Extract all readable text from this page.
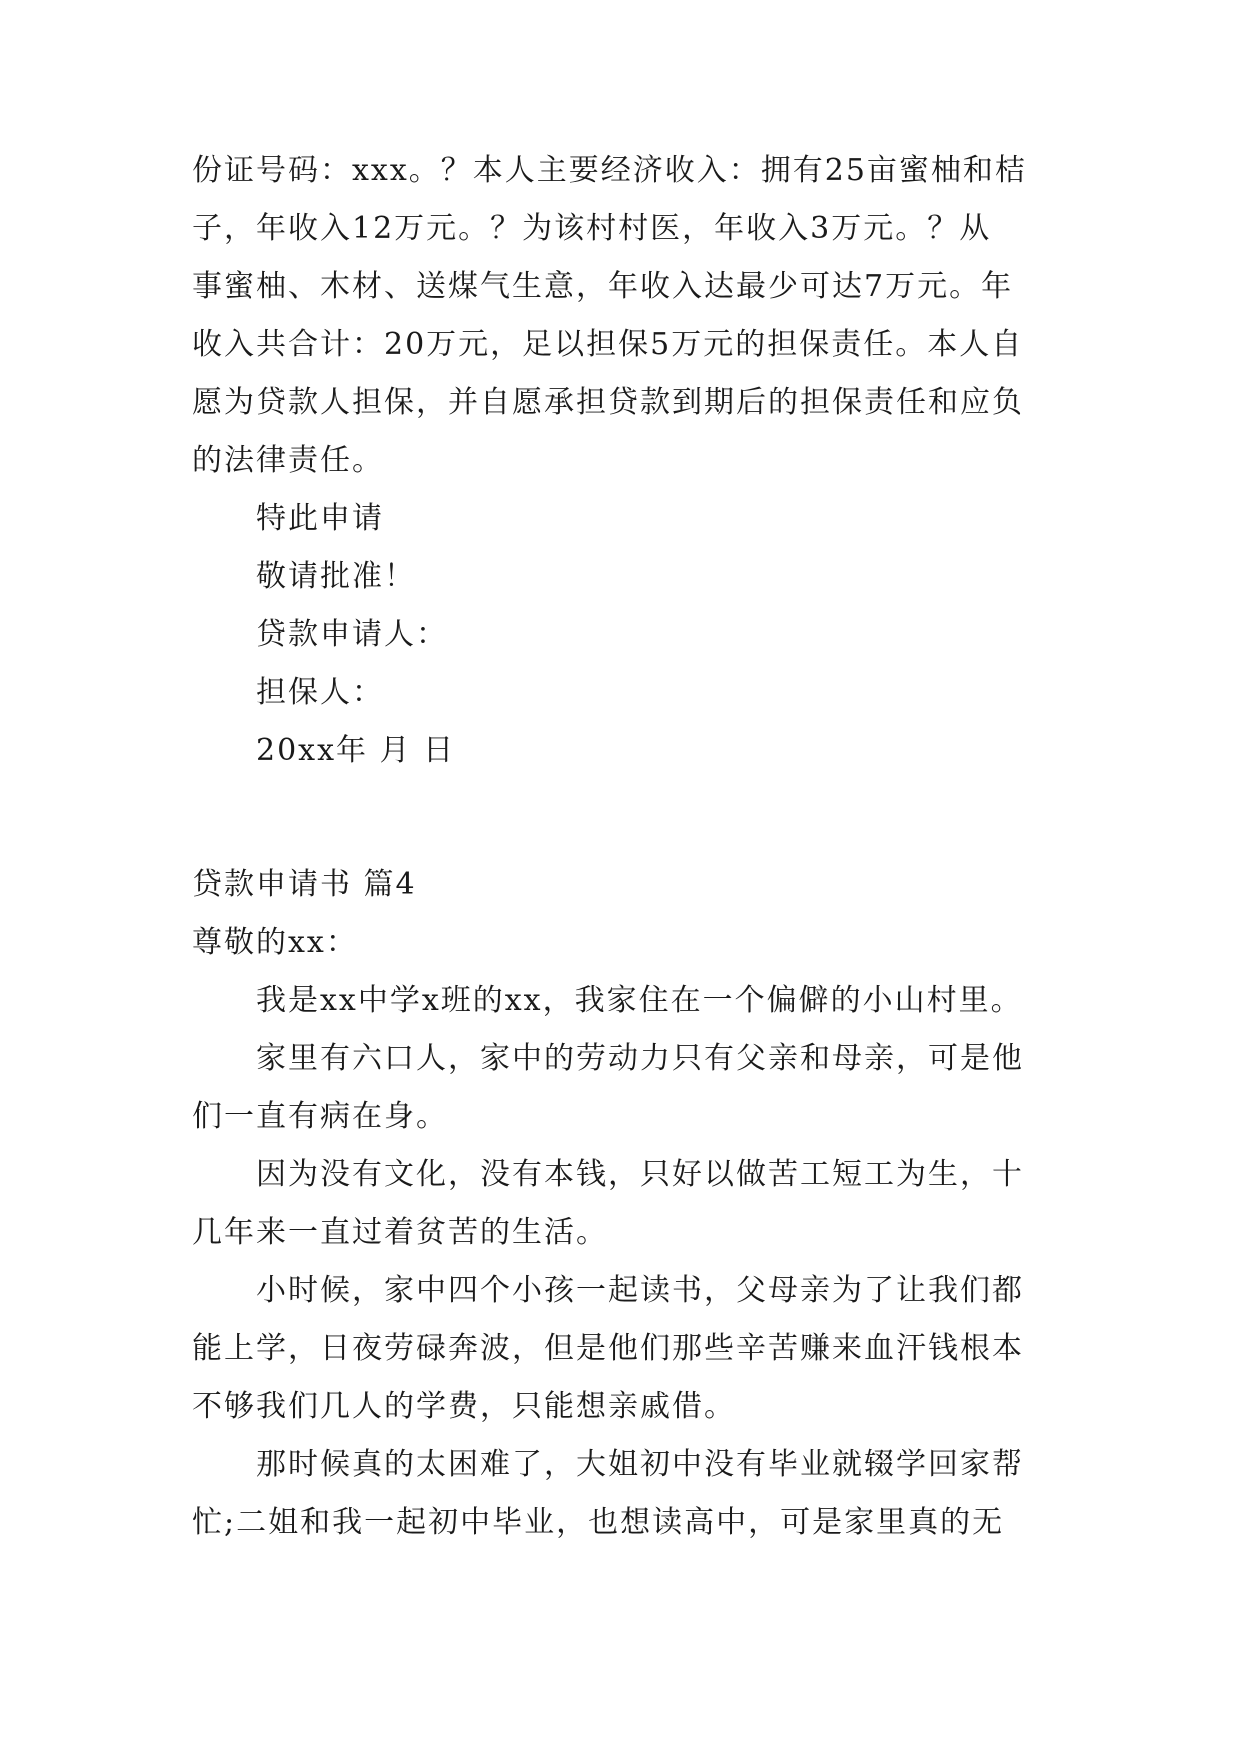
份证号码：xxx。？本人主要经济收入：拥有25亩蜜柚和桔
子，年收入12万元。？为该村村医，年收入3万元。？从
事蜜柚、木材、送煤气生意，年收入达最少可达7万元。年
收入共合计：20万元，足以担保5万元的担保责任。本人自
愿为贷款人担保，并自愿承担贷款到期后的担保责任和应负
的法律责任。
特此申请
敬请批准！
贷款申请人：
担保人：
20xx年 月 日
贷款申请书 篇4
尊敬的xx：
我是xx中学x班的xx，我家住在一个偏僻的小山村里。
家里有六口人，家中的劳动力只有父亲和母亲，可是他
们一直有病在身。
因为没有文化，没有本钱，只好以做苦工短工为生，十
几年来一直过着贫苦的生活。
小时候，家中四个小孩一起读书，父母亲为了让我们都
能上学，日夜劳碌奔波，但是他们那些辛苦赚来血汗钱根本
不够我们几人的学费，只能想亲戚借。
那时候真的太困难了，大姐初中没有毕业就辍学回家帮
忙;二姐和我一起初中毕业，也想读高中，可是家里真的无
